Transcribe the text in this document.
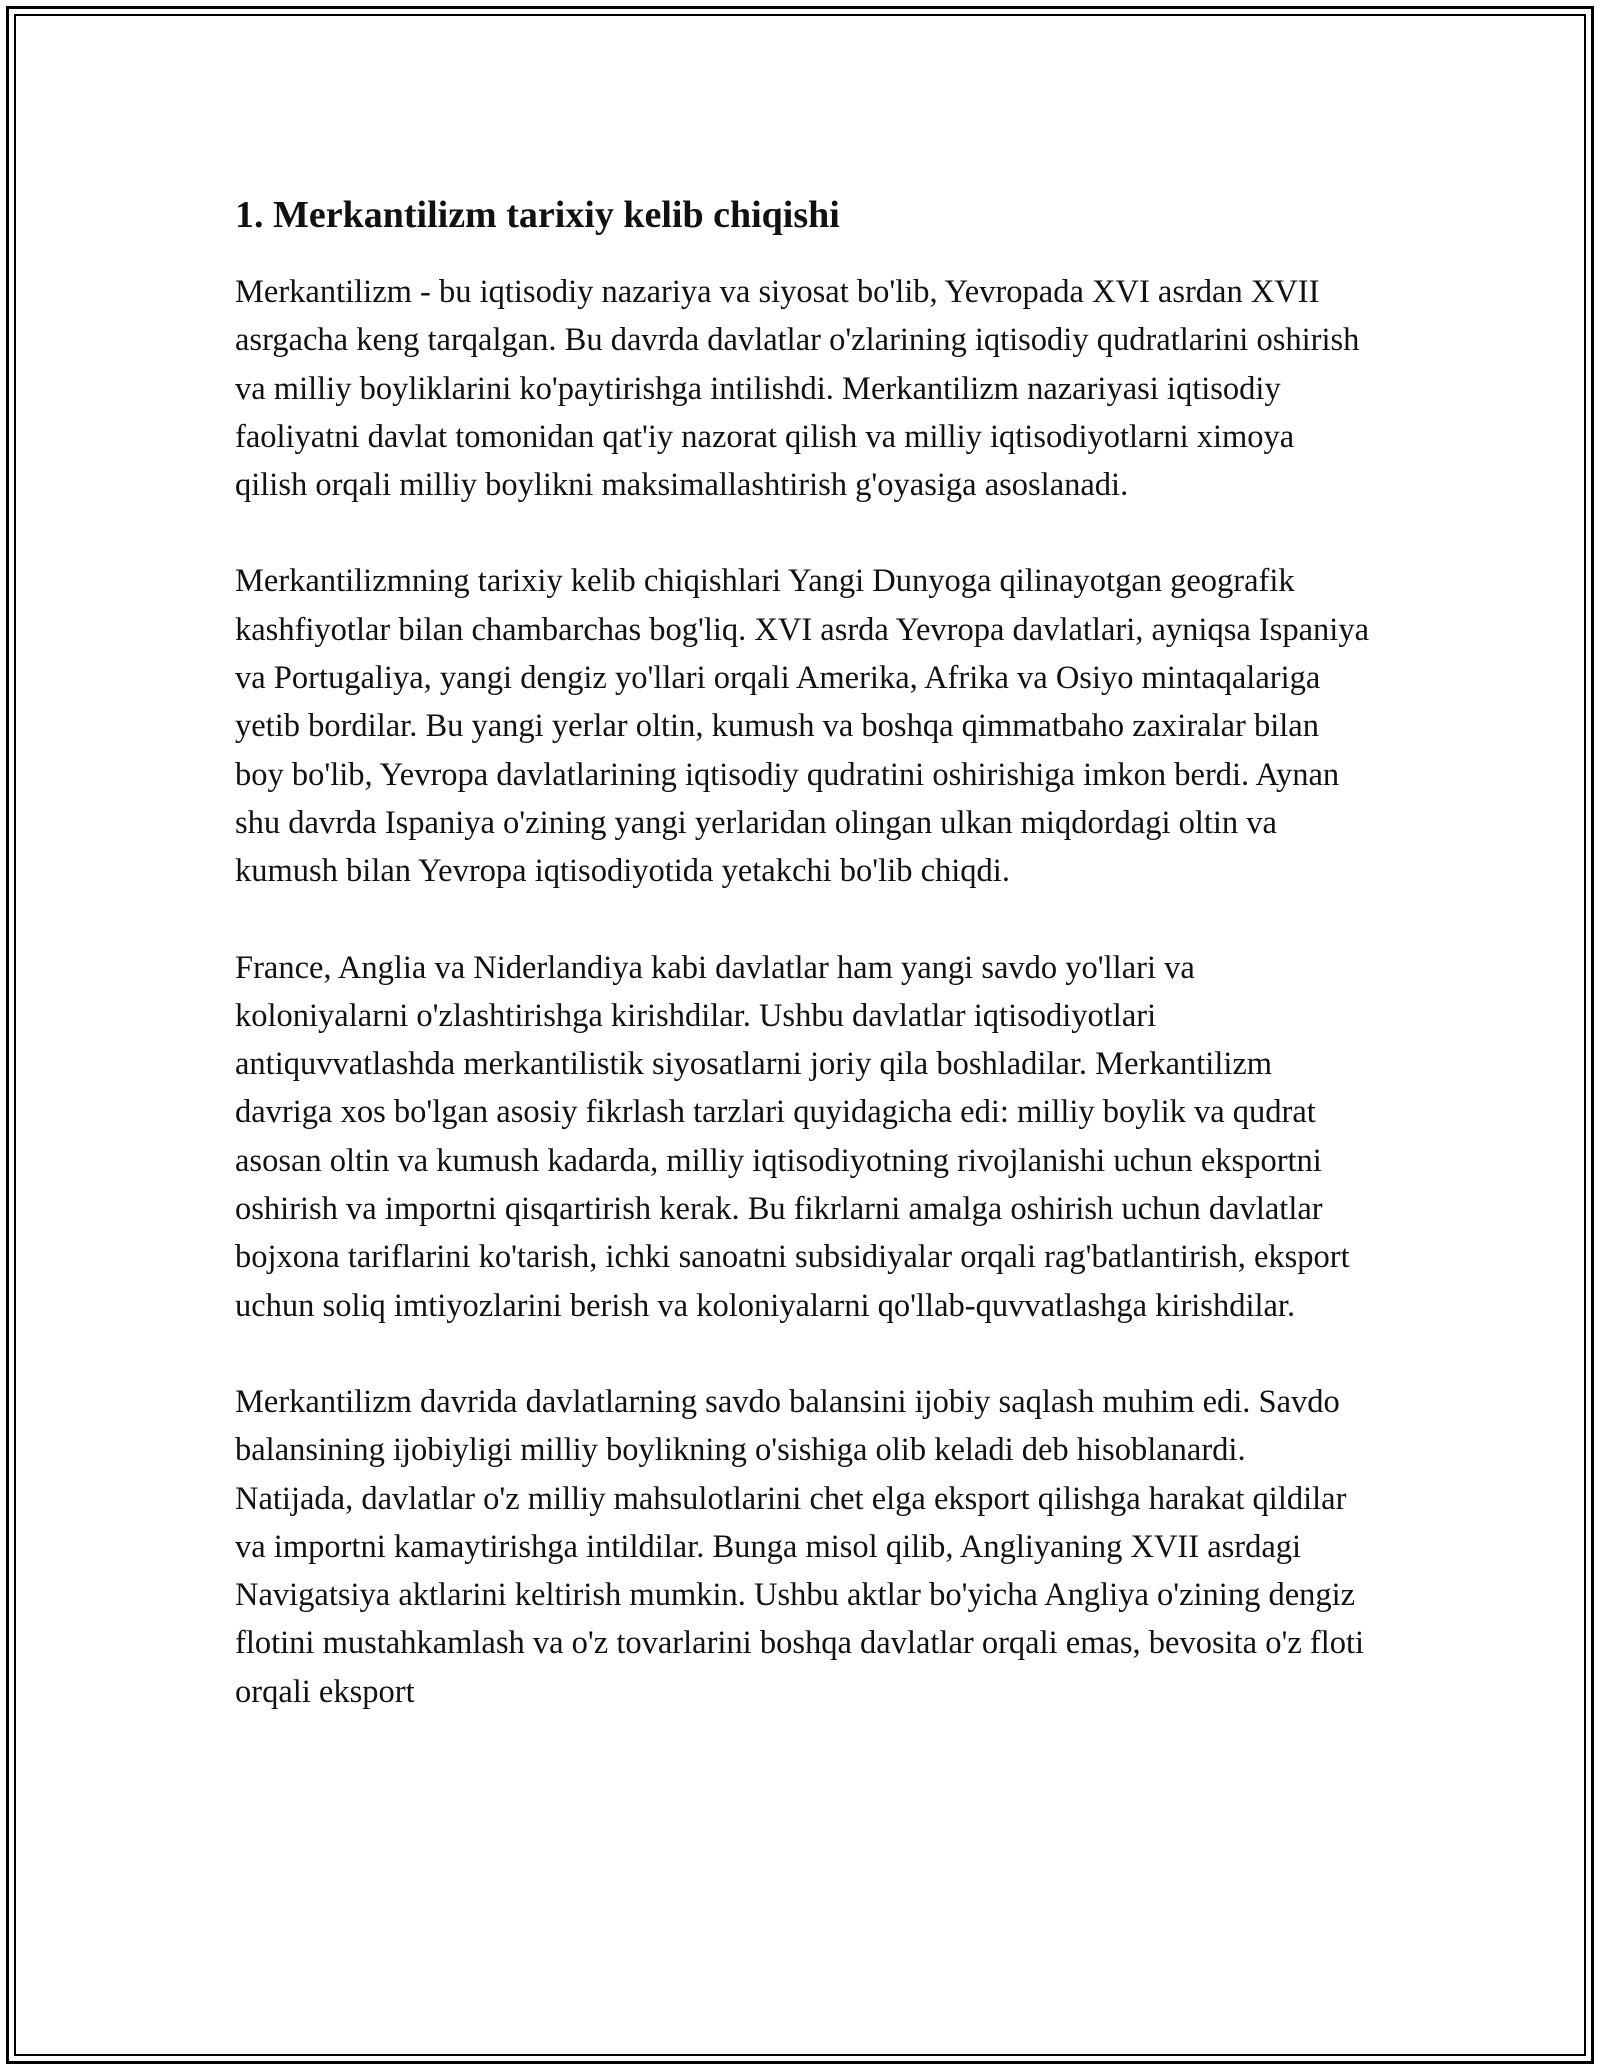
1. Merkantilizm tarixiy kelib chiqishi

Merkantilizm - bu iqtisodiy nazariya va siyosat bo'lib, Yevropada XVI asrdan XVII asrgacha keng tarqalgan. Bu davrda davlatlar o'zlarining iqtisodiy qudratlarini oshirish va milliy boyliklarini ko'paytirishga intilishdi. Merkantilizm nazariyasi iqtisodiy faoliyatni davlat tomonidan qat'iy nazorat qilish va milliy iqtisodiyotlarni ximoya qilish orqali milliy boylikni maksimallashtirish g'oyasiga asoslanadi.

Merkantilizmning tarixiy kelib chiqishlari Yangi Dunyoga qilinayotgan geografik kashfiyotlar bilan chambarchas bog'liq. XVI asrda Yevropa davlatlari, ayniqsa Ispaniya va Portugaliya, yangi dengiz yo'llari orqali Amerika, Afrika va Osiyo mintaqalariga yetib bordilar. Bu yangi yerlar oltin, kumush va boshqa qimmatbaho zaxiralar bilan boy bo'lib, Yevropa davlatlarining iqtisodiy qudratini oshirishiga imkon berdi. Aynan shu davrda Ispaniya o'zining yangi yerlaridan olingan ulkan miqdordagi oltin va kumush bilan Yevropa iqtisodiyotida yetakchi bo'lib chiqdi.

France, Anglia va Niderlandiya kabi davlatlar ham yangi savdo yo'llari va koloniyalarni o'zlashtirishga kirishdilar. Ushbu davlatlar iqtisodiyotlari antiquvvatlashda merkantilistik siyosatlarni joriy qila boshladilar. Merkantilizm davriga xos bo'lgan asosiy fikrlash tarzlari quyidagicha edi: milliy boylik va qudrat asosan oltin va kumush kadarda, milliy iqtisodiyotning rivojlanishi uchun eksportni oshirish va importni qisqartirish kerak. Bu fikrlarni amalga oshirish uchun davlatlar bojxona tariflarini ko'tarish, ichki sanoatni subsidiyalar orqali rag'batlantirish, eksport uchun soliq imtiyozlarini berish va koloniyalarni qo'llab-quvvatlashga kirishdilar.

Merkantilizm davrida davlatlarning savdo balansini ijobiy saqlash muhim edi. Savdo balansining ijobiyligi milliy boylikning o'sishiga olib keladi deb hisoblanardi. Natijada, davlatlar o'z milliy mahsulotlarini chet elga eksport qilishga harakat qildilar va importni kamaytirishga intildilar. Bunga misol qilib, Angliyaning XVII asrdagi Navigatsiya aktlarini keltirish mumkin. Ushbu aktlar bo'yicha Angliya o'zining dengiz flotini mustahkamlash va o'z tovarlarini boshqa davlatlar orqali emas, bevosita o'z floti orqali eksport
